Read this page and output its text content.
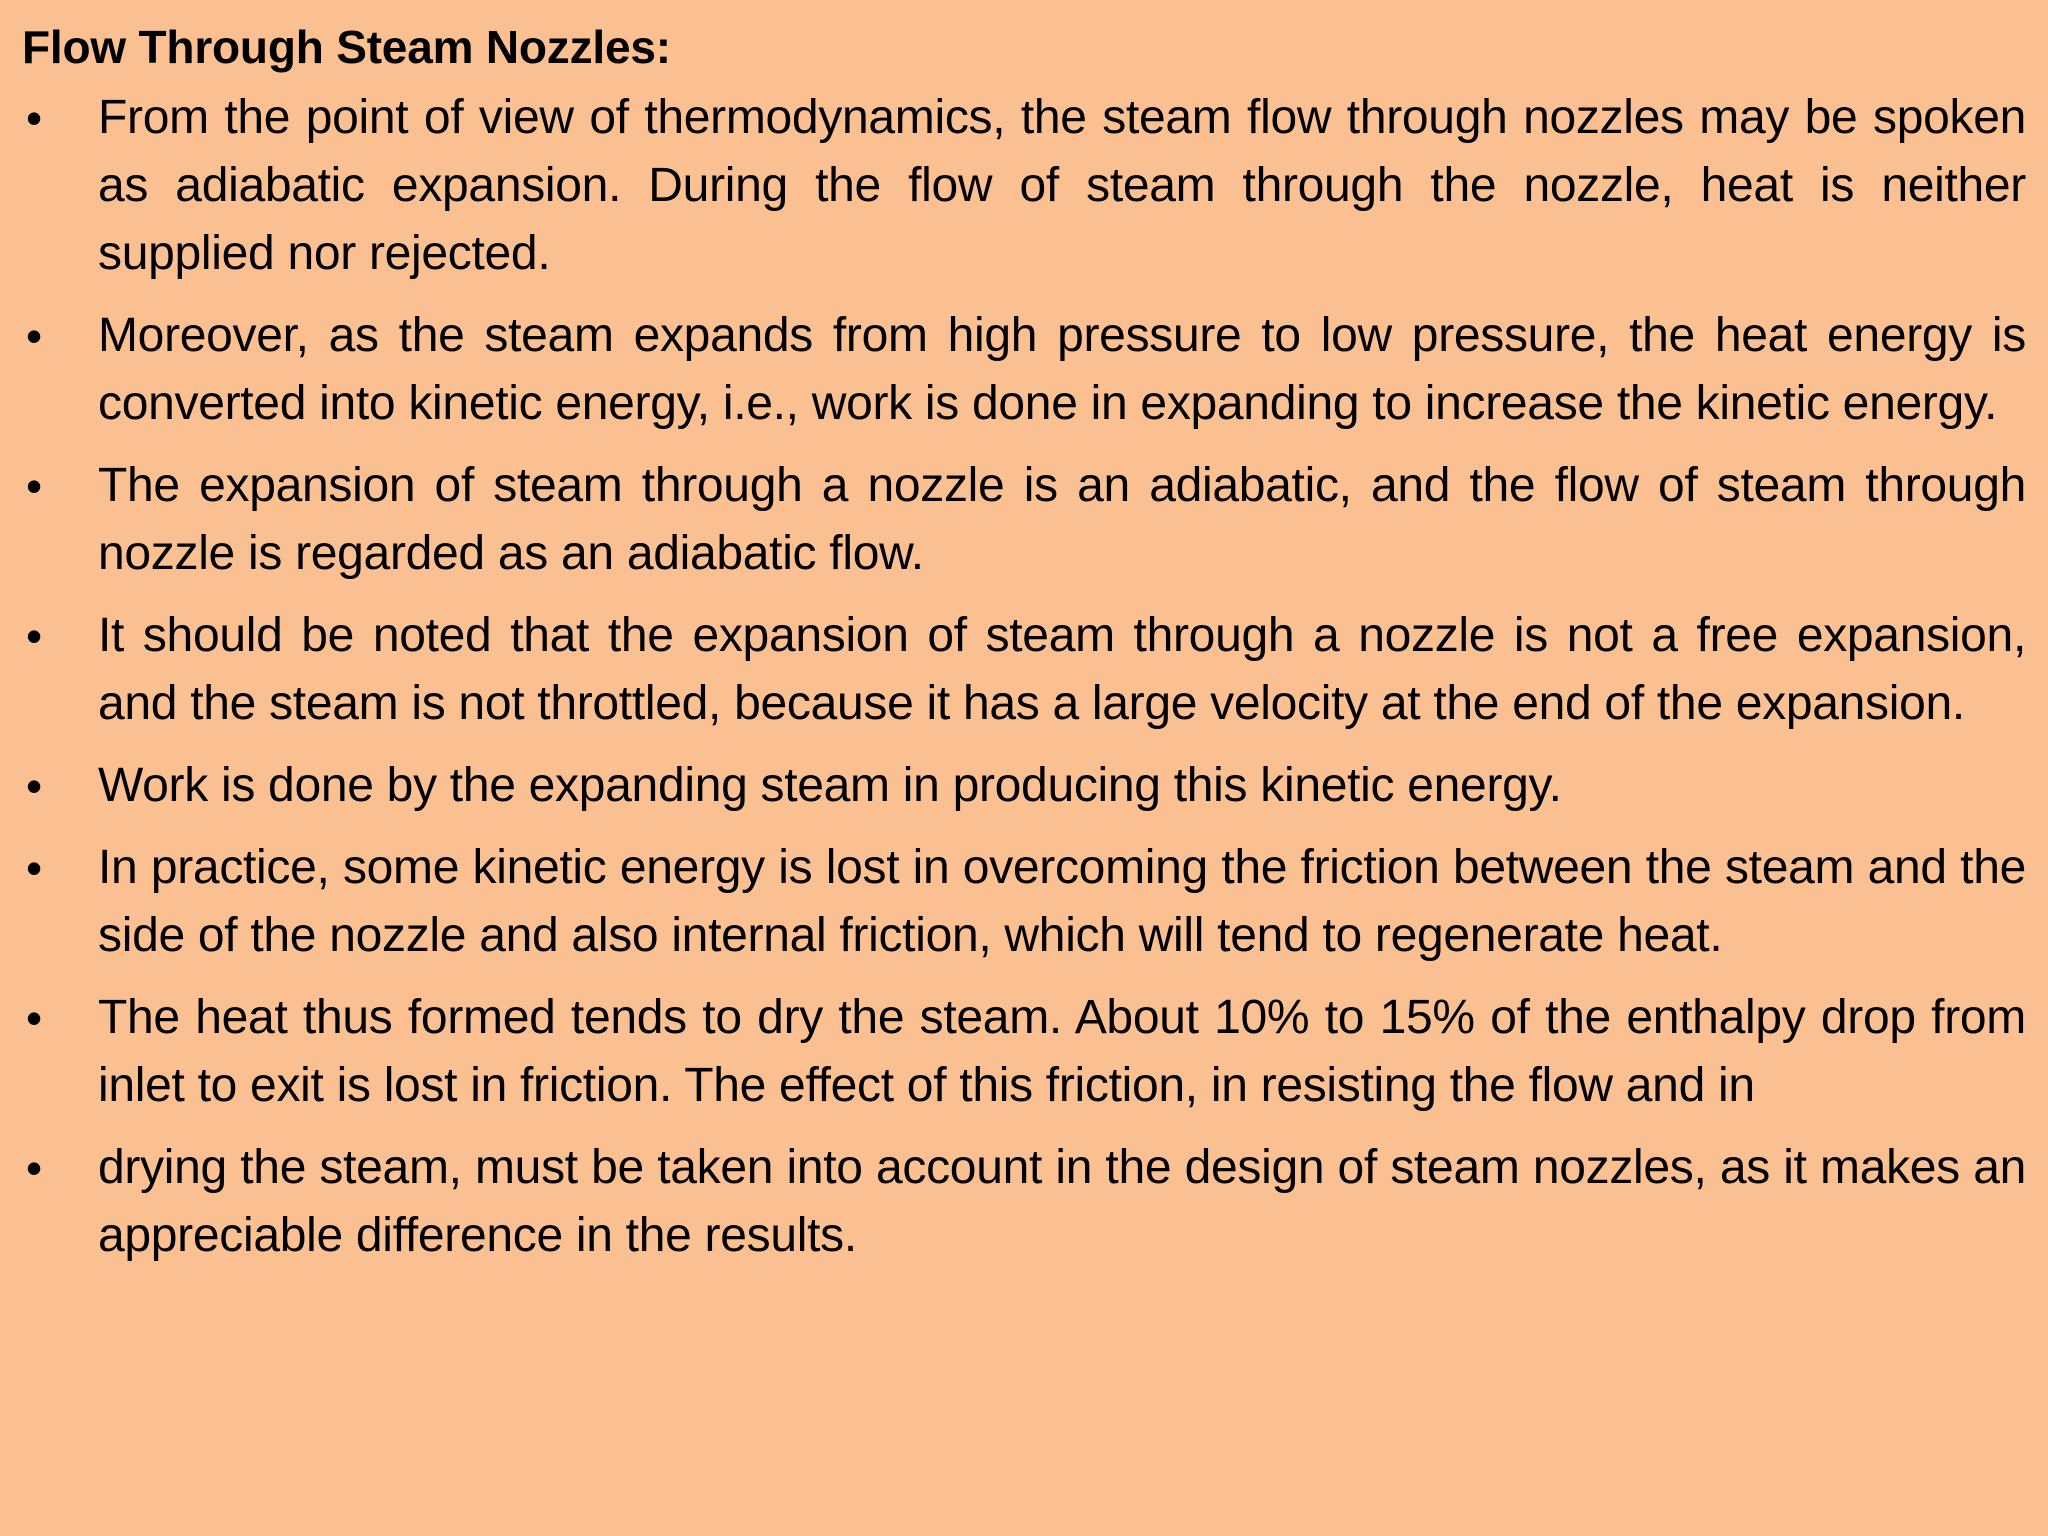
Flow Through Steam Nozzles:
• From the point of view of thermodynamics, the steam flow through nozzles may be spoken as adiabatic expansion. During the flow of steam through the nozzle, heat is neither supplied nor rejected.
• Moreover, as the steam expands from high pressure to low pressure, the heat energy is converted into kinetic energy, i.e., work is done in expanding to increase the kinetic energy.
• The expansion of steam through a nozzle is an adiabatic, and the flow of steam through nozzle is regarded as an adiabatic flow.
• It should be noted that the expansion of steam through a nozzle is not a free expansion, and the steam is not throttled, because it has a large velocity at the end of the expansion.
• Work is done by the expanding steam in producing this kinetic energy.
• In practice, some kinetic energy is lost in overcoming the friction between the steam and the side of the nozzle and also internal friction, which will tend to regenerate heat.
• The heat thus formed tends to dry the steam. About 10% to 15% of the enthalpy drop from inlet to exit is lost in friction. The effect of this friction, in resisting the flow and in
• drying the steam, must be taken into account in the design of steam nozzles, as it makes an appreciable difference in the results.
